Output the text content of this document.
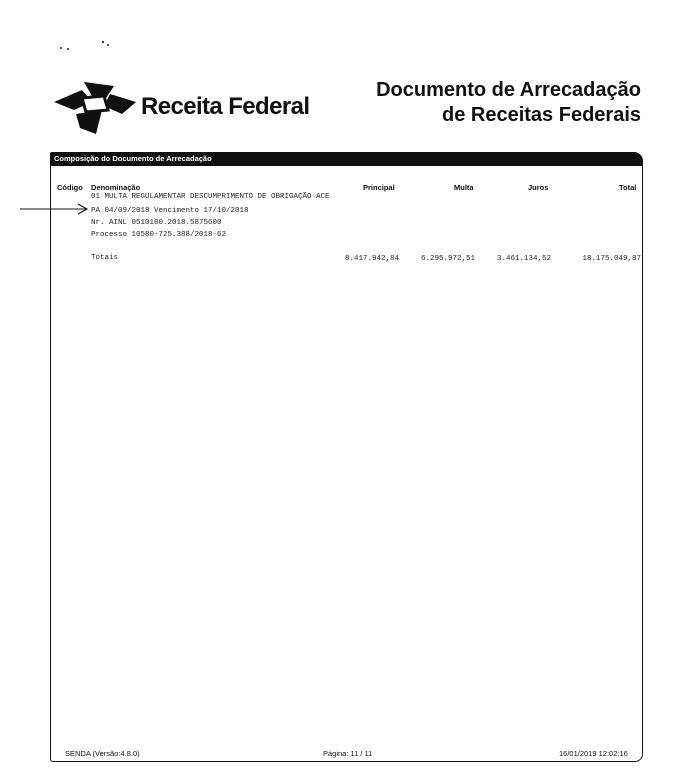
Receita Federal
Documento de Arrecadação
de Receitas Federais
Composição do Documento de Arrecadação
Código Denominação	Principal	Multa	Juros	Total
01 MULTA REGULAMENTAR DESCUMPRIMENTO DE OBRIGAÇÃO ACE
PA 04/09/2018 Vencimento 17/10/2018
Nr. AINL 0510100.2018.5875600
Processo 10580-725.388/2018-62
Totais	8.417.942,84	6.295.972,51	3.461.134,52	18.175.049,87
SENDA (Versão:4.8.0)	Página: 11 / 11	16/01/2019 12:02:16
